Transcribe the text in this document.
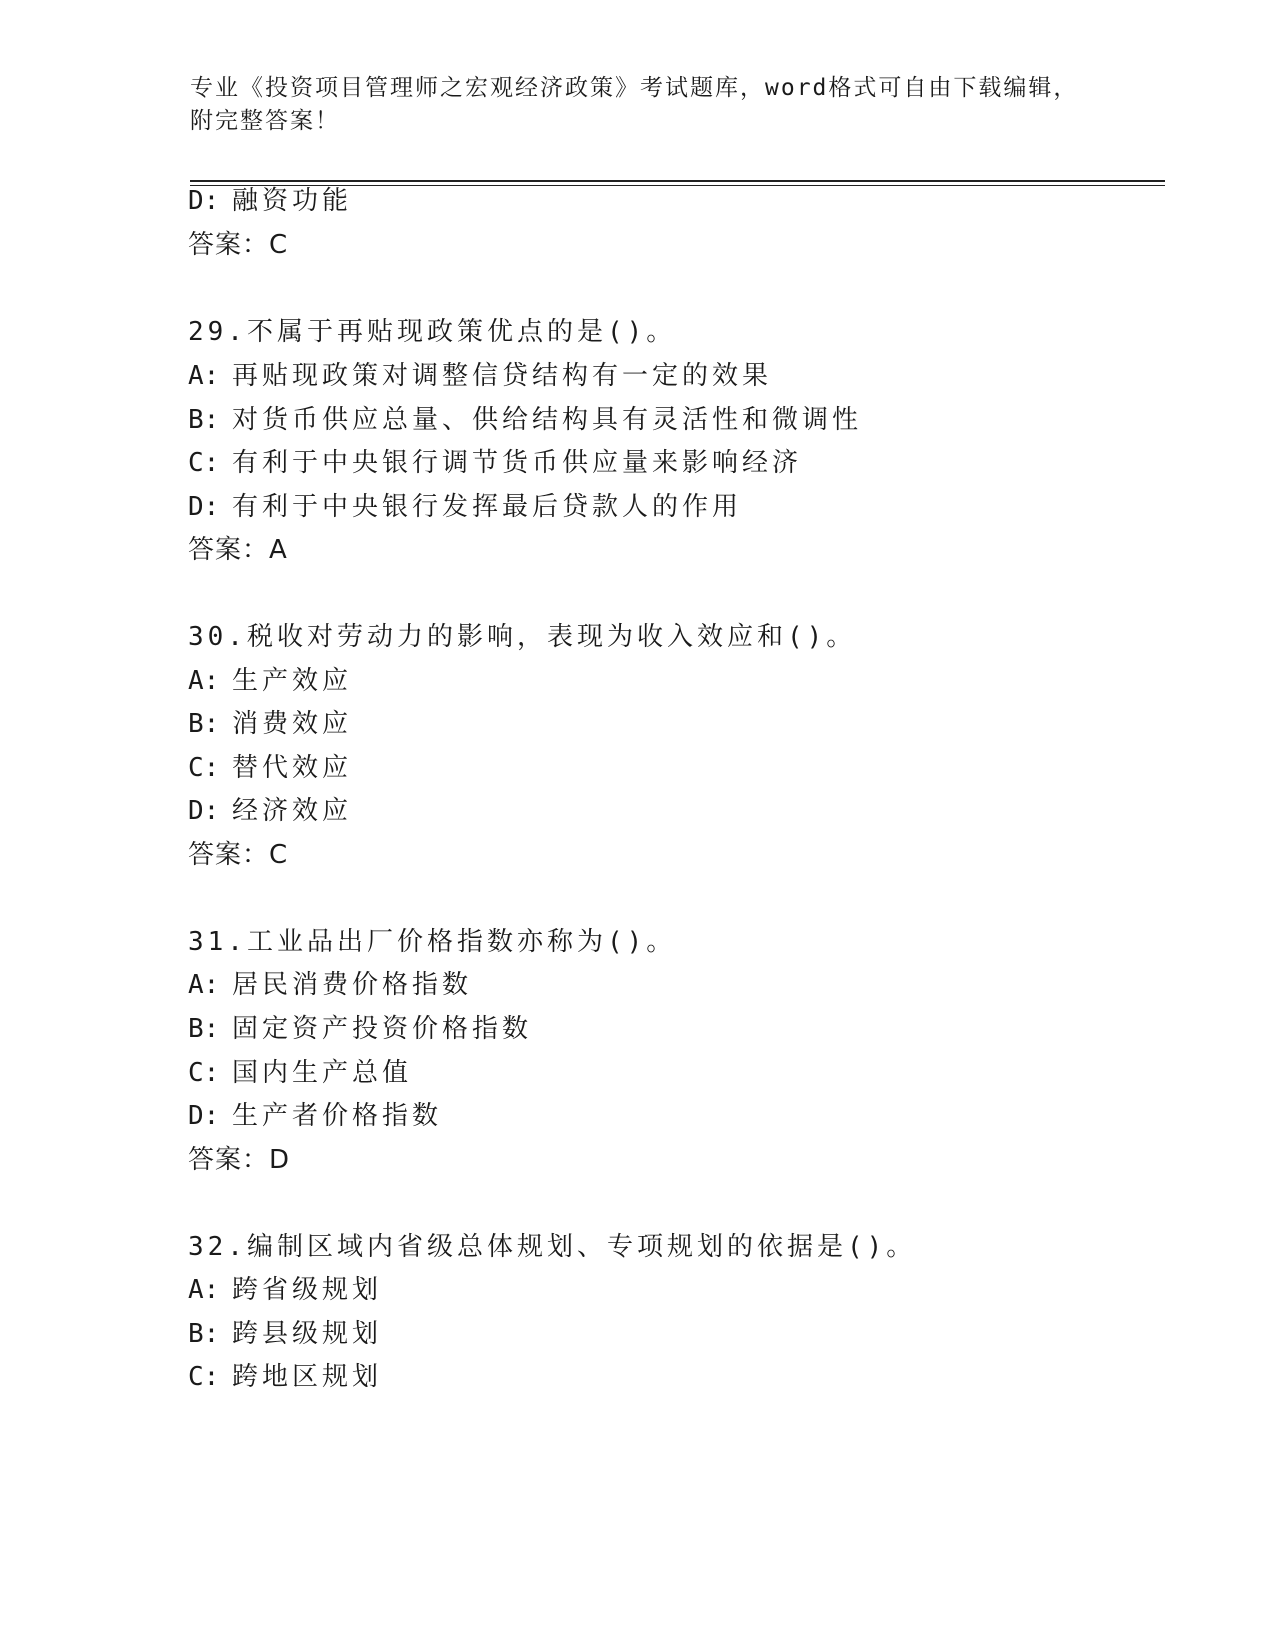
专业《投资项目管理师之宏观经济政策》考试题库，word格式可自由下载编辑，
附完整答案！
D: 融资功能
答案：C
29.不属于再贴现政策优点的是()。
A: 再贴现政策对调整信贷结构有一定的效果
B: 对货币供应总量、供给结构具有灵活性和微调性
C: 有利于中央银行调节货币供应量来影响经济
D: 有利于中央银行发挥最后贷款人的作用
答案：A
30.税收对劳动力的影响，表现为收入效应和()。
A: 生产效应
B: 消费效应
C: 替代效应
D: 经济效应
答案：C
31.工业品出厂价格指数亦称为()。
A: 居民消费价格指数
B: 固定资产投资价格指数
C: 国内生产总值
D: 生产者价格指数
答案：D
32.编制区域内省级总体规划、专项规划的依据是()。
A: 跨省级规划
B: 跨县级规划
C: 跨地区规划
